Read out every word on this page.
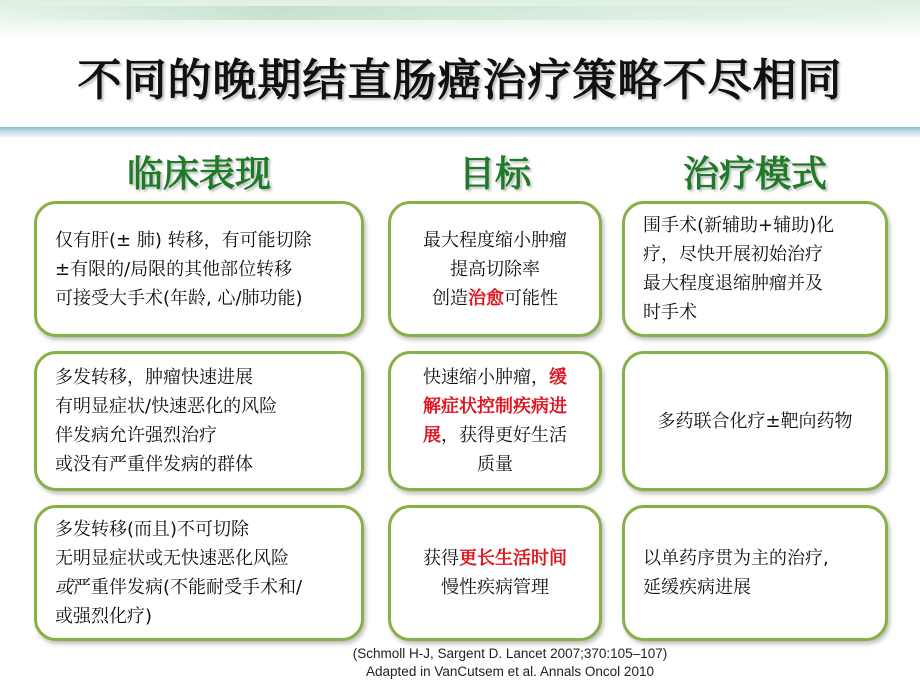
不同的晚期结直肠癌治疗策略不尽相同
临床表现	目标	治疗模式
仅有肝(± 肺) 转移，有可能切除
±有限的/局限的其他部位转移
可接受大手术(年龄, 心/肺功能)
最大程度缩小肿瘤
提高切除率
创造治愈可能性
围手术(新辅助+辅助)化
疗，尽快开展初始治疗
最大程度退缩肿瘤并及
时手术
多发转移，肿瘤快速进展
有明显症状/快速恶化的风险
伴发病允许强烈治疗
或没有严重伴发病的群体
快速缩小肿瘤，缓
解症状控制疾病进
展，获得更好生活
质量
多药联合化疗±靶向药物
多发转移(而且)不可切除
无明显症状或无快速恶化风险
或严重伴发病(不能耐受手术和/
或强烈化疗)
获得更长生活时间
慢性疾病管理
以单药序贯为主的治疗,
延缓疾病进展
(Schmoll H-J, Sargent D. Lancet 2007;370:105–107)
Adapted in VanCutsem et al. Annals Oncol 2010
